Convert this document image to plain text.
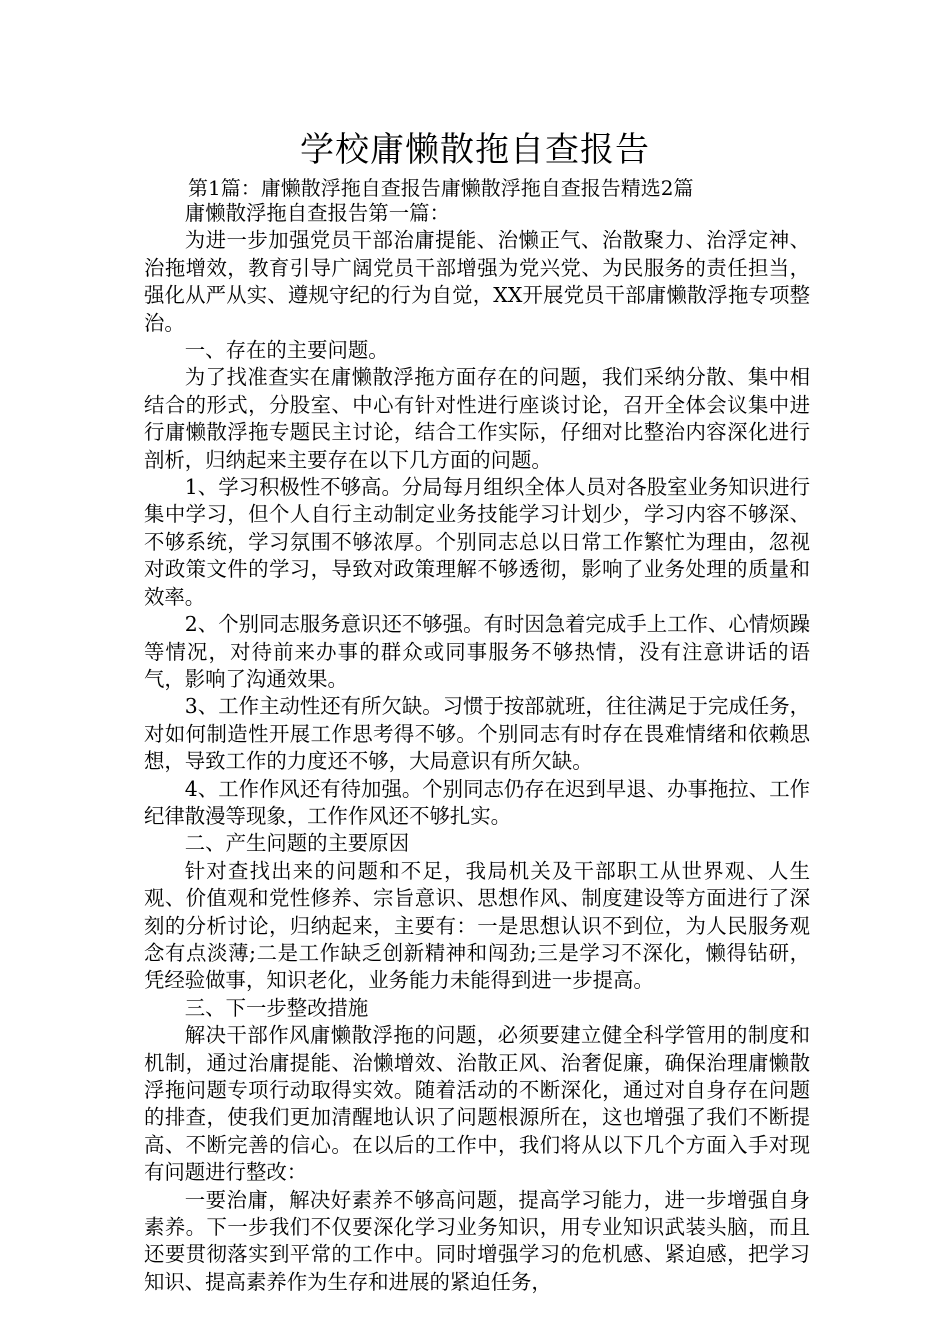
学校庸懒散拖自查报告
第1篇：庸懒散浮拖自查报告庸懒散浮拖自查报告精选2篇

庸懒散浮拖自查报告第一篇：

为进一步加强党员干部治庸提能、治懒正气、治散聚力、治浮定神、治拖增效，教育引导广阔党员干部增强为党兴党、为民服务的责任担当，强化从严从实、遵规守纪的行为自觉，XX开展党员干部庸懒散浮拖专项整治。

一、存在的主要问题。

为了找准查实在庸懒散浮拖方面存在的问题，我们采纳分散、集中相结合的形式，分股室、中心有针对性进行座谈讨论，召开全体会议集中进行庸懒散浮拖专题民主讨论，结合工作实际，仔细对比整治内容深化进行剖析，归纳起来主要存在以下几方面的问题。

1、学习积极性不够高。分局每月组织全体人员对各股室业务知识进行集中学习，但个人自行主动制定业务技能学习计划少，学习内容不够深、不够系统，学习氛围不够浓厚。个别同志总以日常工作繁忙为理由，忽视对政策文件的学习，导致对政策理解不够透彻，影响了业务处理的质量和效率。

2、个别同志服务意识还不够强。有时因急着完成手上工作、心情烦躁等情况，对待前来办事的群众或同事服务不够热情，没有注意讲话的语气，影响了沟通效果。

3、工作主动性还有所欠缺。习惯于按部就班，往往满足于完成任务，对如何制造性开展工作思考得不够。个别同志有时存在畏难情绪和依赖思想，导致工作的力度还不够，大局意识有所欠缺。

4、工作作风还有待加强。个别同志仍存在迟到早退、办事拖拉、工作纪律散漫等现象，工作作风还不够扎实。

二、产生问题的主要原因

针对查找出来的问题和不足，我局机关及干部职工从世界观、人生观、价值观和党性修养、宗旨意识、思想作风、制度建设等方面进行了深刻的分析讨论，归纳起来，主要有：一是思想认识不到位，为人民服务观念有点淡薄;二是工作缺乏创新精神和闯劲;三是学习不深化，懒得钻研，凭经验做事，知识老化，业务能力未能得到进一步提高。

三、下一步整改措施

解决干部作风庸懒散浮拖的问题，必须要建立健全科学管用的制度和机制，通过治庸提能、治懒增效、治散正风、治奢促廉，确保治理庸懒散浮拖问题专项行动取得实效。随着活动的不断深化，通过对自身存在问题的排查，使我们更加清醒地认识了问题根源所在，这也增强了我们不断提高、不断完善的信心。在以后的工作中，我们将从以下几个方面入手对现有问题进行整改：

一要治庸，解决好素养不够高问题，提高学习能力，进一步增强自身素养。下一步我们不仅要深化学习业务知识，用专业知识武装头脑，而且还要贯彻落实到平常的工作中。同时增强学习的危机感、紧迫感，把学习知识、提高素养作为生存和进展的紧迫任务，
